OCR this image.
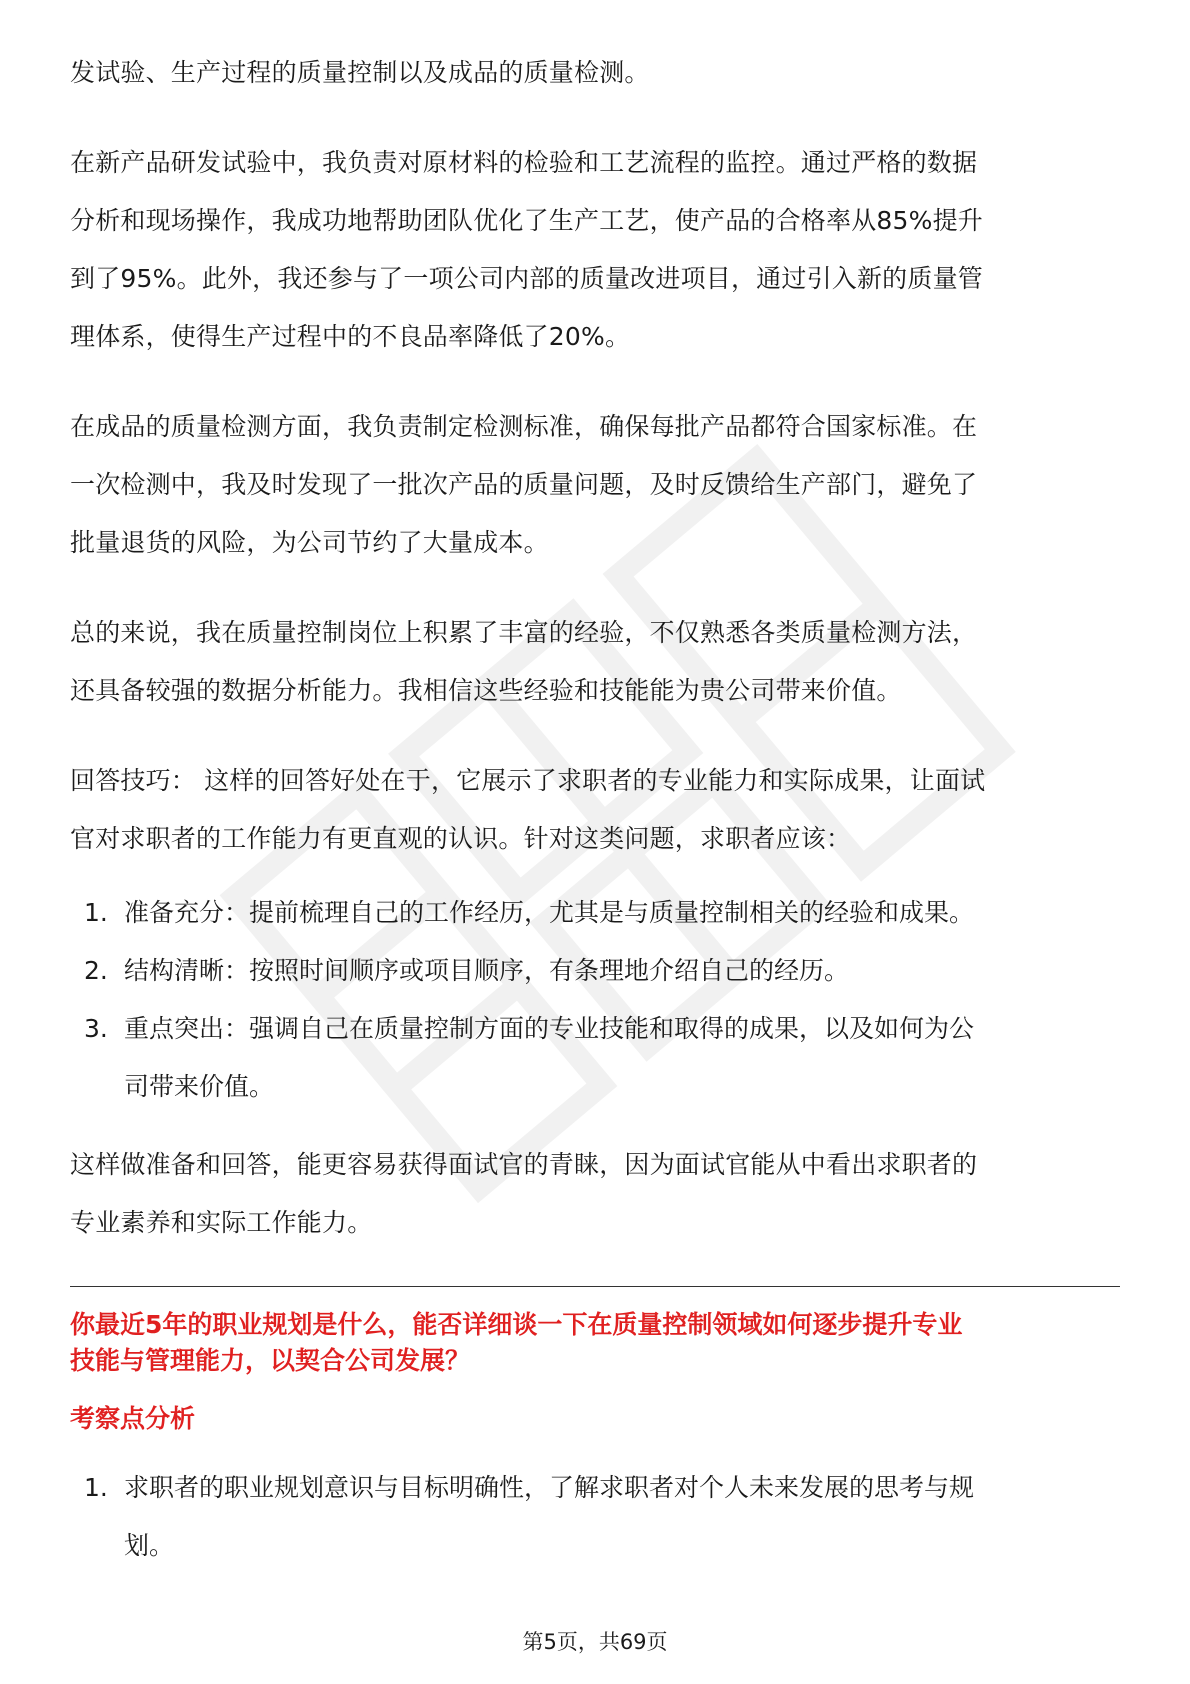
发试验、生产过程的质量控制以及成品的质量检测。

在新产品研发试验中，我负责对原材料的检验和工艺流程的监控。通过严格的数据

分析和现场操作，我成功地帮助团队优化了生产工艺，使产品的合格率从85%提升

到了95%。此外，我还参与了一项公司内部的质量改进项目，通过引入新的质量管

理体系，使得生产过程中的不良品率降低了20%。

在成品的质量检测方面，我负责制定检测标准，确保每批产品都符合国家标准。在

一次检测中，我及时发现了一批次产品的质量问题，及时反馈给生产部门，避免了

批量退货的风险，为公司节约了大量成本。

总的来说，我在质量控制岗位上积累了丰富的经验，不仅熟悉各类质量检测方法，

还具备较强的数据分析能力。我相信这些经验和技能能为贵公司带来价值。

回答技巧： 这样的回答好处在于，它展示了求职者的专业能力和实际成果，让面试

官对求职者的工作能力有更直观的认识。针对这类问题，求职者应该：

1. 准备充分：提前梳理自己的工作经历，尤其是与质量控制相关的经验和成果。
2. 结构清晰：按照时间顺序或项目顺序，有条理地介绍自己的经历。
3. 重点突出：强调自己在质量控制方面的专业技能和取得的成果，以及如何为公
司带来价值。

这样做准备和回答，能更容易获得面试官的青睐，因为面试官能从中看出求职者的

专业素养和实际工作能力。

你最近5年的职业规划是什么，能否详细谈一下在质量控制领域如何逐步提升专业

技能与管理能力，以契合公司发展？

考察点分析

1. 求职者的职业规划意识与目标明确性，了解求职者对个人未来发展的思考与规
划。
第5页，共69页
